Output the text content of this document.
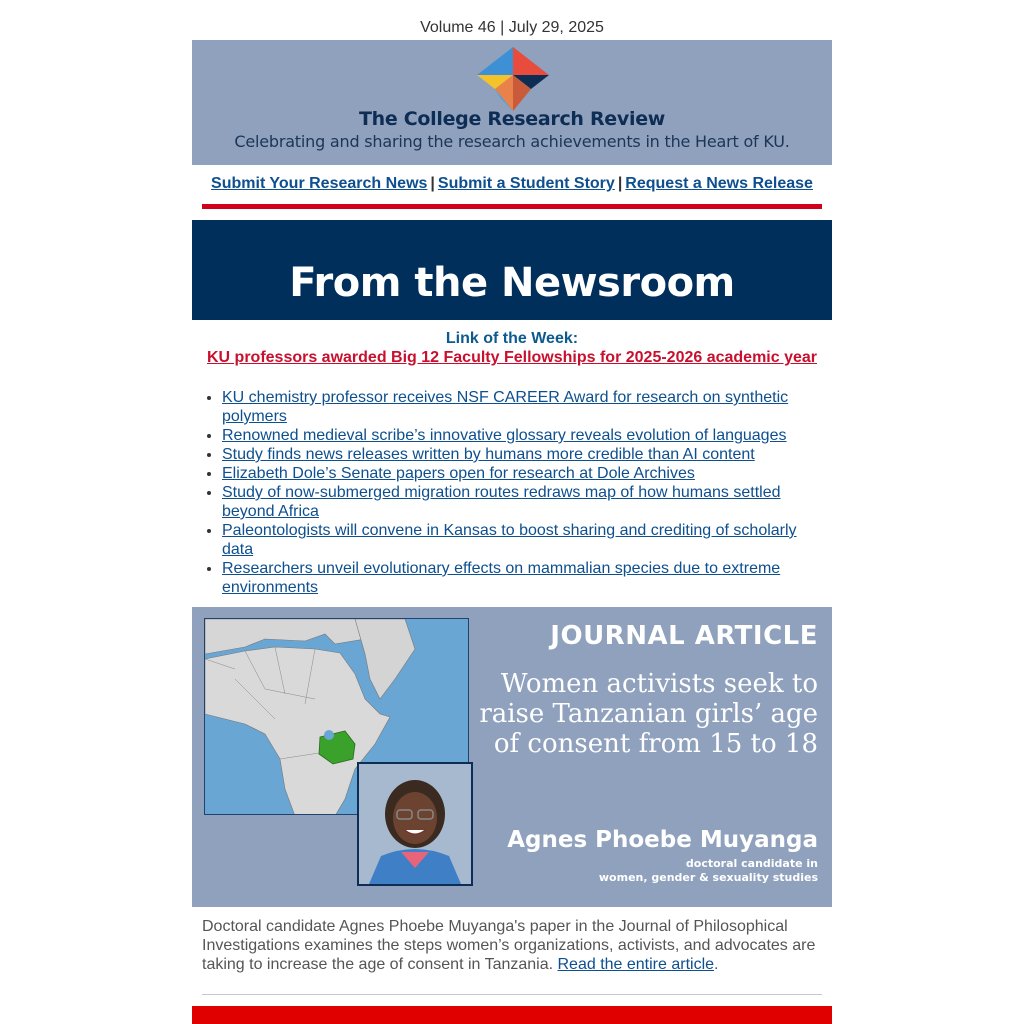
Volume 46 | July 29, 2025
The College Research Review
Celebrating and sharing the research achievements in the Heart of KU.
Submit Your Research News | Submit a Student Story | Request a News Release
From the Newsroom
Link of the Week:
KU professors awarded Big 12 Faculty Fellowships for 2025-2026 academic year
• KU chemistry professor receives NSF CAREER Award for research on synthetic polymers
• Renowned medieval scribe’s innovative glossary reveals evolution of languages
• Study finds news releases written by humans more credible than AI content
• Elizabeth Dole’s Senate papers open for research at Dole Archives
• Study of now-submerged migration routes redraws map of how humans settled beyond Africa
• Paleontologists will convene in Kansas to boost sharing and crediting of scholarly data
• Researchers unveil evolutionary effects on mammalian species due to extreme environments
JOURNAL ARTICLE
Women activists seek to raise Tanzanian girls’ age of consent from 15 to 18
Agnes Phoebe Muyanga
doctoral candidate in
women, gender & sexuality studies
Doctoral candidate Agnes Phoebe Muyanga's paper in the Journal of Philosophical Investigations examines the steps women’s organizations, activists, and advocates are taking to increase the age of consent in Tanzania. Read the entire article.
